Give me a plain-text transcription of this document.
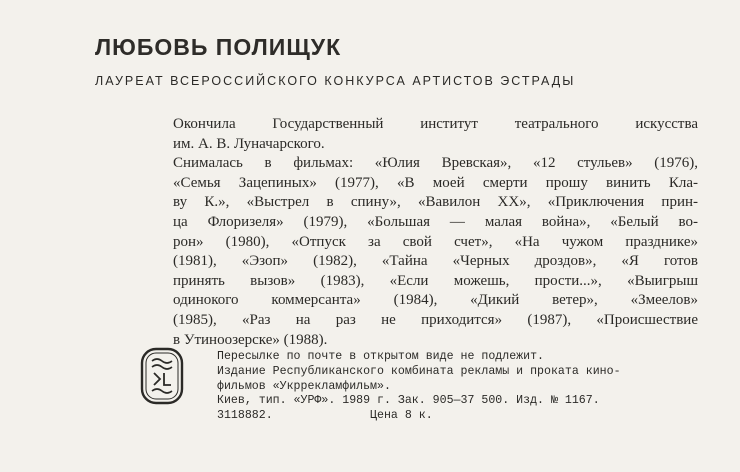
ЛЮБОВЬ ПОЛИЩУК
ЛАУРЕАТ ВСЕРОССИЙСКОГО КОНКУРСА АРТИСТОВ ЭСТРАДЫ
Окончила Государственный институт театрального искусства
им. А. В. Луначарского.
Снималась в фильмах: «Юлия Вревская», «12 стульев» (1976),
«Семья Зацепиных» (1977), «В моей смерти прошу винить Кла-
ву К.», «Выстрел в спину», «Вавилон XX», «Приключения прин-
ца Флоризеля» (1979), «Большая — малая война», «Белый во-
рон» (1980), «Отпуск за свой счет», «На чужом празднике»
(1981), «Эзоп» (1982), «Тайна «Черных дроздов», «Я готов
принять вызов» (1983), «Если можешь, прости...», «Выигрыш
одинокого коммерсанта» (1984), «Дикий ветер», «Змеелов»
(1985), «Раз на раз не приходится» (1987), «Происшествие
в Утиноозерске» (1988).
Пересылке по почте в открытом виде не подлежит.
Издание Республиканского комбината рекламы и проката кино-
фильмов «Укррекламфильм».
Киев, тип. «УРФ». 1989 г. Зак. 905—37 500. Изд. № 1167.
3118882.              Цена 8 к.
